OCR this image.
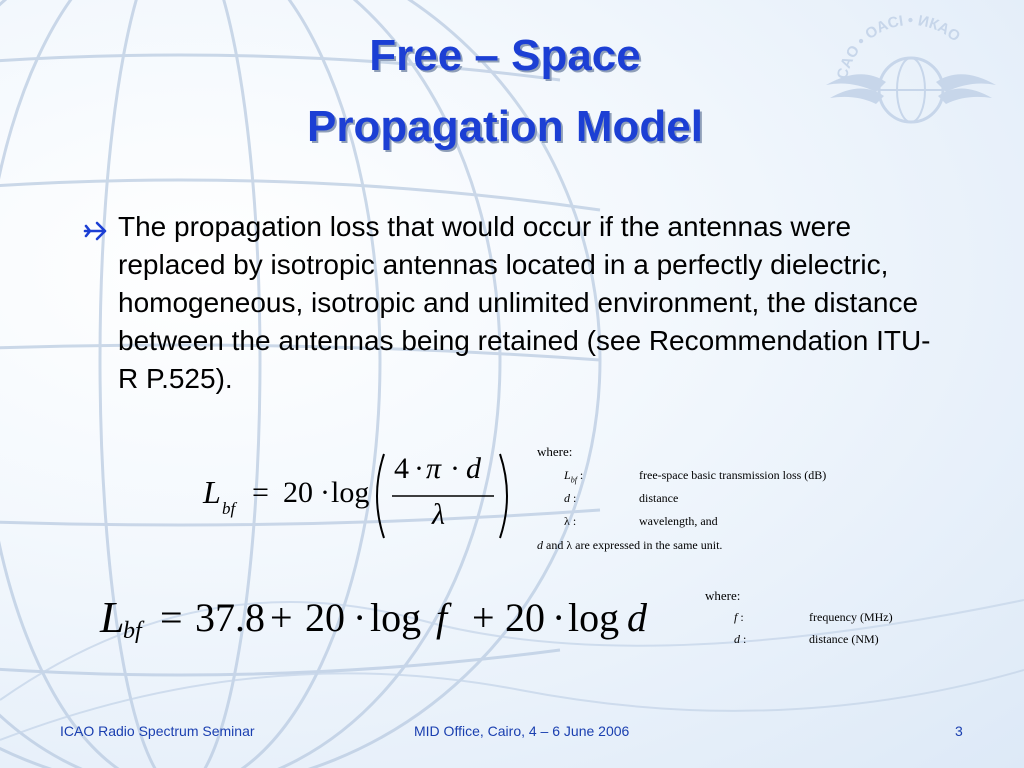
ICAO • OACI • ИКАО
Free – Space
Propagation Model
The propagation loss that would occur if the antennas were replaced by isotropic antennas located in a perfectly dielectric, homogeneous, isotropic and unlimited environment, the distance between the antennas being retained (see Recommendation ITU-R P.525).
L bf = 20 · log
4 · π · d
λ
where:
$L_{bf}$ :	free-space basic transmission loss (dB)
d :	distance
λ :	wavelength, and
d and λ are expressed in the same unit.
L
bf = 37.8 + 20 · log f + 20 · log d	where:
f :	frequency (MHz)
d :	distance (NM)
ICAO Radio Spectrum Seminar	MID Office, Cairo, 4 – 6 June 2006	3
